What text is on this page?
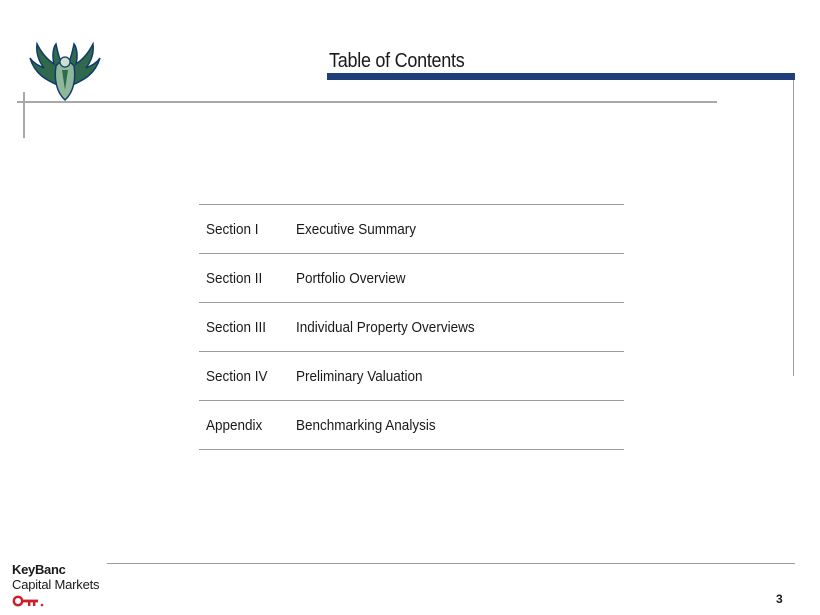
Table of Contents
Section I Executive Summary
Section II Portfolio Overview
Section III Individual Property Overviews
Section IV Preliminary Valuation
Appendix Benchmarking Analysis
KeyBanc
Capital Markets
3
